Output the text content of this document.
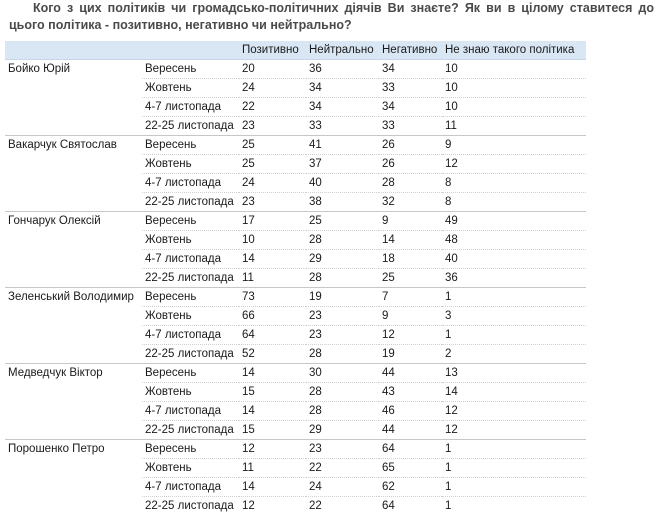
Кого з цих політиків чи громадсько-політичних діячів Ви знаєте? Як ви в цілому ставитеся до цього політика - позитивно, негативно чи нейтрально?
		Позитивно	Нейтрально	Негативно	Не знаю такого політика
Бойко Юрій	Вересень	20	36	34	10
	Жовтень	24	34	33	10
	4-7 листопада	22	34	34	10
	22-25 листопада	23	33	33	11
Вакарчук Святослав	Вересень	25	41	26	9
	Жовтень	25	37	26	12
	4-7 листопада	24	40	28	8
	22-25 листопада	23	38	32	8
Гончарук Олексій	Вересень	17	25	9	49
	Жовтень	10	28	14	48
	4-7 листопада	14	29	18	40
	22-25 листопада	11	28	25	36
Зеленський Володимир	Вересень	73	19	7	1
	Жовтень	66	23	9	3
	4-7 листопада	64	23	12	1
	22-25 листопада	52	28	19	2
Медведчук Віктор	Вересень	14	30	44	13
	Жовтень	15	28	43	14
	4-7 листопада	14	28	46	12
	22-25 листопада	15	29	44	12
Порошенко Петро	Вересень	12	23	64	1
	Жовтень	11	22	65	1
	4-7 листопада	14	24	62	1
	22-25 листопада	12	22	64	1
